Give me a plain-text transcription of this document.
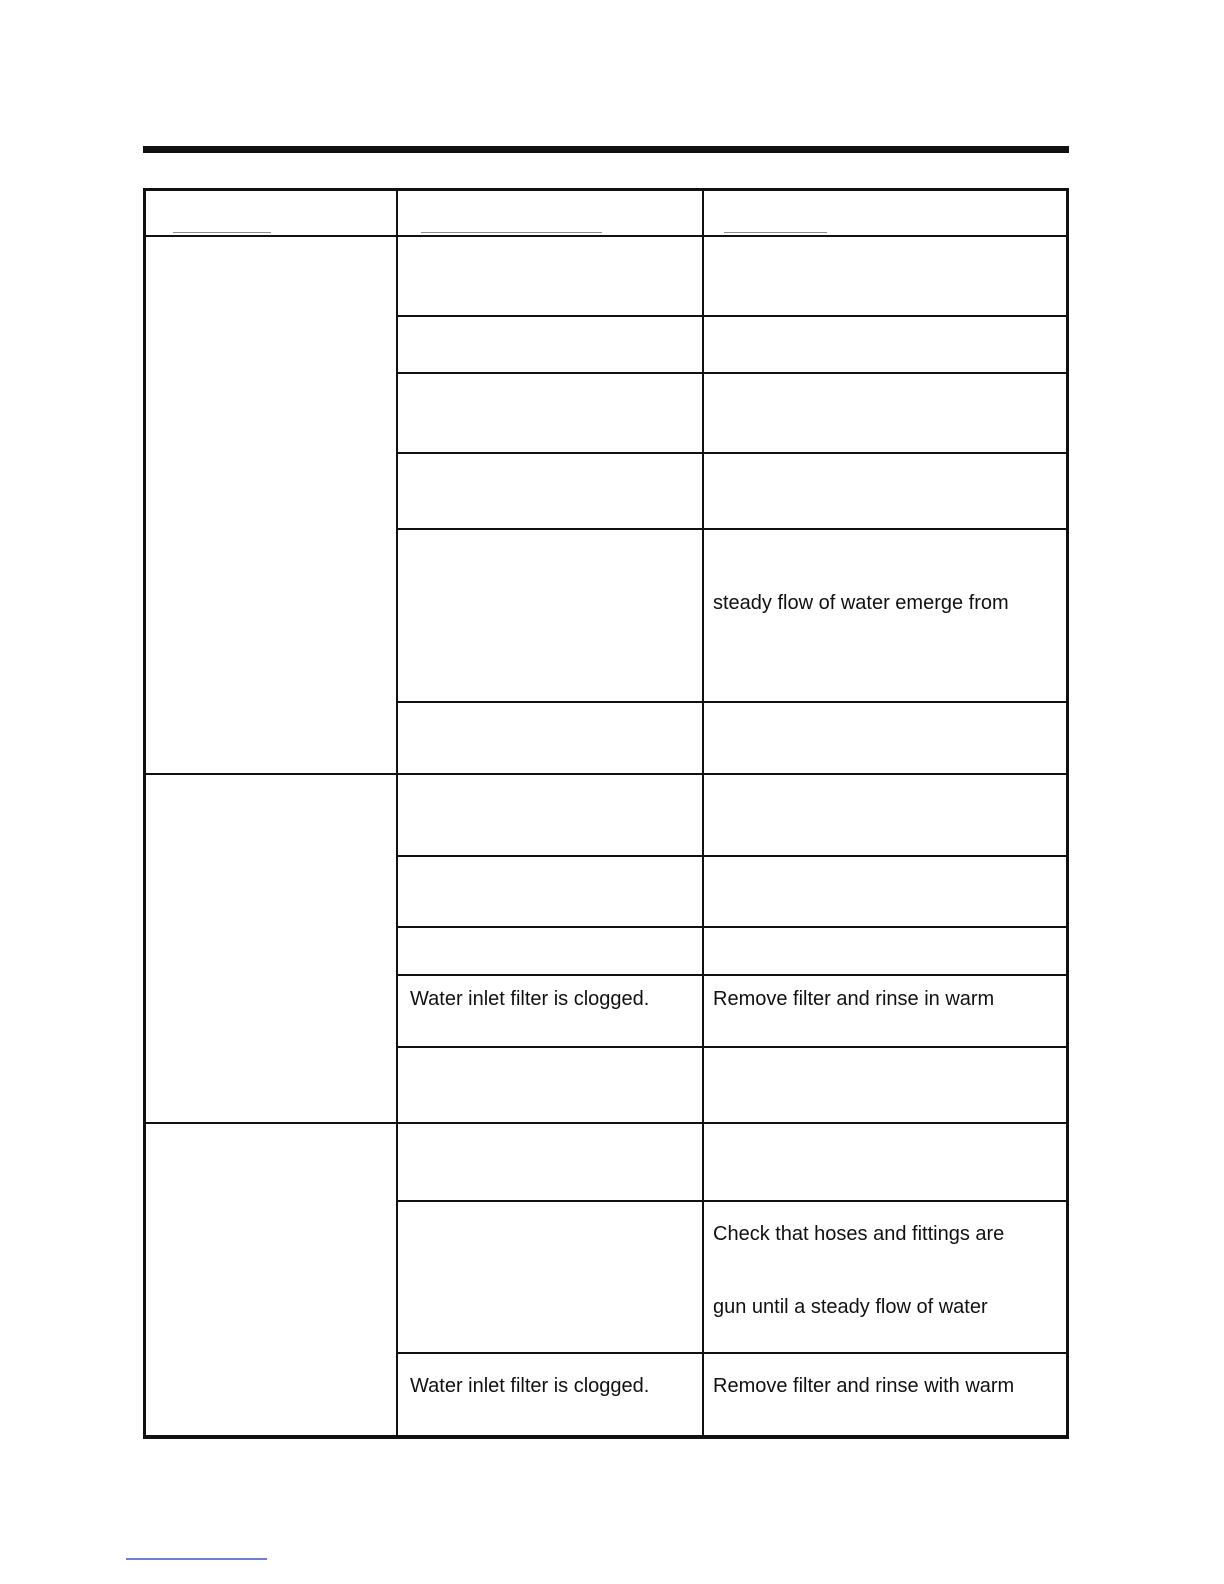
steady flow of water emerge from
Water inlet filter is clogged.	Remove filter and rinse in warm
Check that hoses and fittings are
gun until a steady flow of water
Water inlet filter is clogged.	Remove filter and rinse with warm
